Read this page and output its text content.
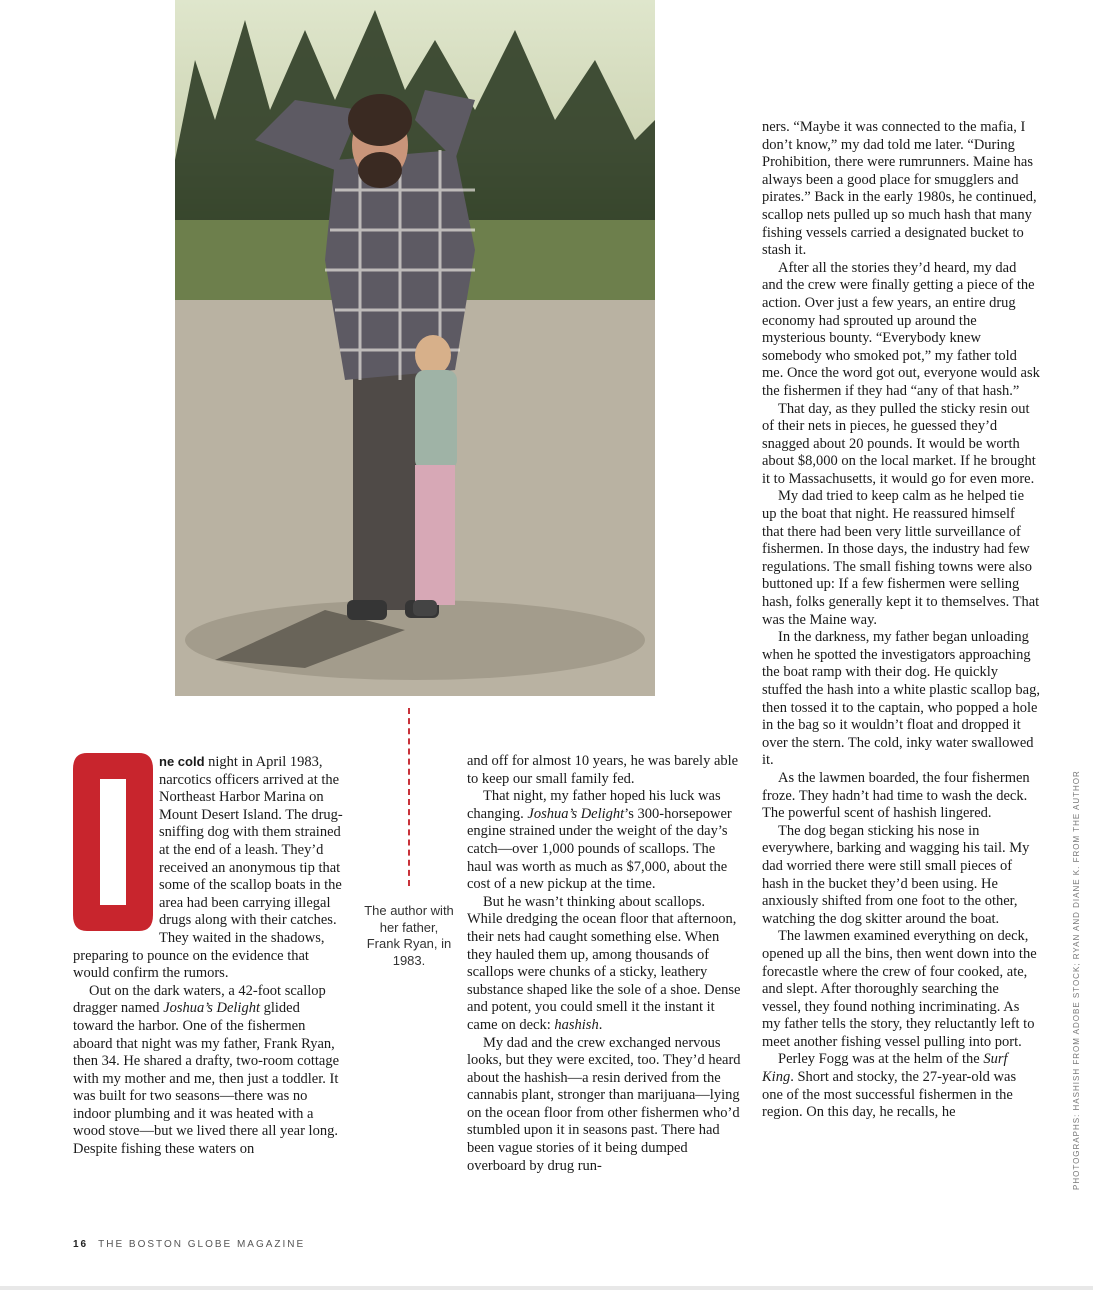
The author with her father, Frank Ryan, in 1983.

ne cold night in April 1983, narcotics officers arrived at the Northeast Harbor Marina on Mount Desert Island. The drug-sniffing dog with them strained at the end of a leash. They’d received an anonymous tip that some of the scallop boats in the area had been carrying illegal drugs along with their catches. They waited in the shadows, preparing to pounce on the evidence that would confirm the rumors.

Out on the dark waters, a 42-foot scallop dragger named Joshua’s Delight glided toward the harbor. One of the fishermen aboard that night was my father, Frank Ryan, then 34. He shared a drafty, two-room cottage with my mother and me, then just a toddler. It was built for two seasons—there was no indoor plumbing and it was heated with a wood stove—but we lived there all year long. Despite fishing these waters on

and off for almost 10 years, he was barely able to keep our small family fed.

That night, my father hoped his luck was changing. Joshua’s Delight’s 300-horsepower engine strained under the weight of the day’s catch—over 1,000 pounds of scallops. The haul was worth as much as $7,000, about the cost of a new pickup at the time.

But he wasn’t thinking about scallops. While dredging the ocean floor that afternoon, their nets had caught something else. When they hauled them up, among thousands of scallops were chunks of a sticky, leathery substance shaped like the sole of a shoe. Dense and potent, you could smell it the instant it came on deck: hashish.

My dad and the crew exchanged nervous looks, but they were excited, too. They’d heard about the hashish—a resin derived from the cannabis plant, stronger than marijuana—lying on the ocean floor from other fishermen who’d stumbled upon it in seasons past. There had been vague stories of it being dumped overboard by drug run-

ners. “Maybe it was connected to the mafia, I don’t know,” my dad told me later. “During Prohibition, there were rumrunners. Maine has always been a good place for smugglers and pirates.” Back in the early 1980s, he continued, scallop nets pulled up so much hash that many fishing vessels carried a designated bucket to stash it.

After all the stories they’d heard, my dad and the crew were finally getting a piece of the action. Over just a few years, an entire drug economy had sprouted up around the mysterious bounty. “Everybody knew somebody who smoked pot,” my father told me. Once the word got out, everyone would ask the fishermen if they had “any of that hash.”

That day, as they pulled the sticky resin out of their nets in pieces, he guessed they’d snagged about 20 pounds. It would be worth about $8,000 on the local market. If he brought it to Massachusetts, it would go for even more.

My dad tried to keep calm as he helped tie up the boat that night. He reassured himself that there had been very little surveillance of fishermen. In those days, the industry had few regulations. The small fishing towns were also buttoned up: If a few fishermen were selling hash, folks generally kept it to themselves. That was the Maine way.

In the darkness, my father began unloading when he spotted the investigators approaching the boat ramp with their dog. He quickly stuffed the hash into a white plastic scallop bag, then tossed it to the captain, who popped a hole in the bag so it wouldn’t float and dropped it over the stern. The cold, inky water swallowed it.

As the lawmen boarded, the four fishermen froze. They hadn’t had time to wash the deck. The powerful scent of hashish lingered.

The dog began sticking his nose in everywhere, barking and wagging his tail. My dad worried there were still small pieces of hash in the bucket they’d been using. He anxiously shifted from one foot to the other, watching the dog skitter around the boat.

The lawmen examined everything on deck, opened up all the bins, then went down into the forecastle where the crew of four cooked, ate, and slept. After thoroughly searching the vessel, they found nothing incriminating. As my father tells the story, they reluctantly left to meet another fishing vessel pulling into port.

Perley Fogg was at the helm of the Surf King. Short and stocky, the 27-year-old was one of the most successful fishermen in the region. On this day, he recalls, he	PHOTOGRAPHS: HASHISH FROM ADOBE STOCK; RYAN AND DIANE K. FROM THE AUTHOR
16 THE BOSTON GLOBE MAGAZINE
